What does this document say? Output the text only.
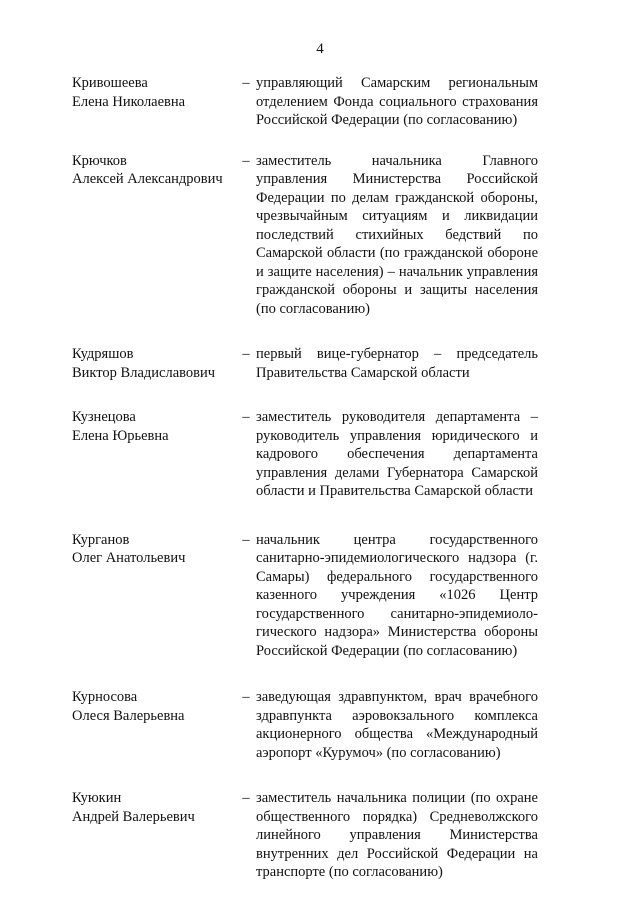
4
Кривошеева
Елена Николаевна
– управляющий Самарским региональным отделением Фонда социального страхования Российской Федерации (по согласованию)
Крючков
Алексей Александрович
– заместитель начальника Главного управления Министерства Российской Федерации по делам гражданской обороны, чрезвычайным ситуациям и ликвидации последствий стихийных бедствий по Самарской области (по гражданской обороне и защите населения) – начальник управления гражданской обороны и защиты населения (по согласованию)
Кудряшов
Виктор Владиславович
– первый вице-губернатор – председатель Правительства Самарской области
Кузнецова
Елена Юрьевна
– заместитель руководителя департамента – руководитель управления юридического и кадрового обеспечения департамента управления делами Губернатора Самарской области и Правительства Самарской области
Курганов
Олег Анатольевич
– начальник центра государственного санитарно-эпидемиологического надзора (г. Самары) федерального государственного казенного учреждения «1026 Центр государственного санитарно-эпидемиоло-гического надзора» Министерства обороны Российской Федерации (по согласованию)
Курносова
Олеся Валерьевна
– заведующая здравпунктом, врач врачебного здравпункта аэровокзального комплекса акционерного общества «Международный аэропорт «Курумоч» (по согласованию)
Куюкин
Андрей Валерьевич
– заместитель начальника полиции (по охране общественного порядка) Средневолжского линейного управления Министерства внутренних дел Российской Федерации на транспорте (по согласованию)
